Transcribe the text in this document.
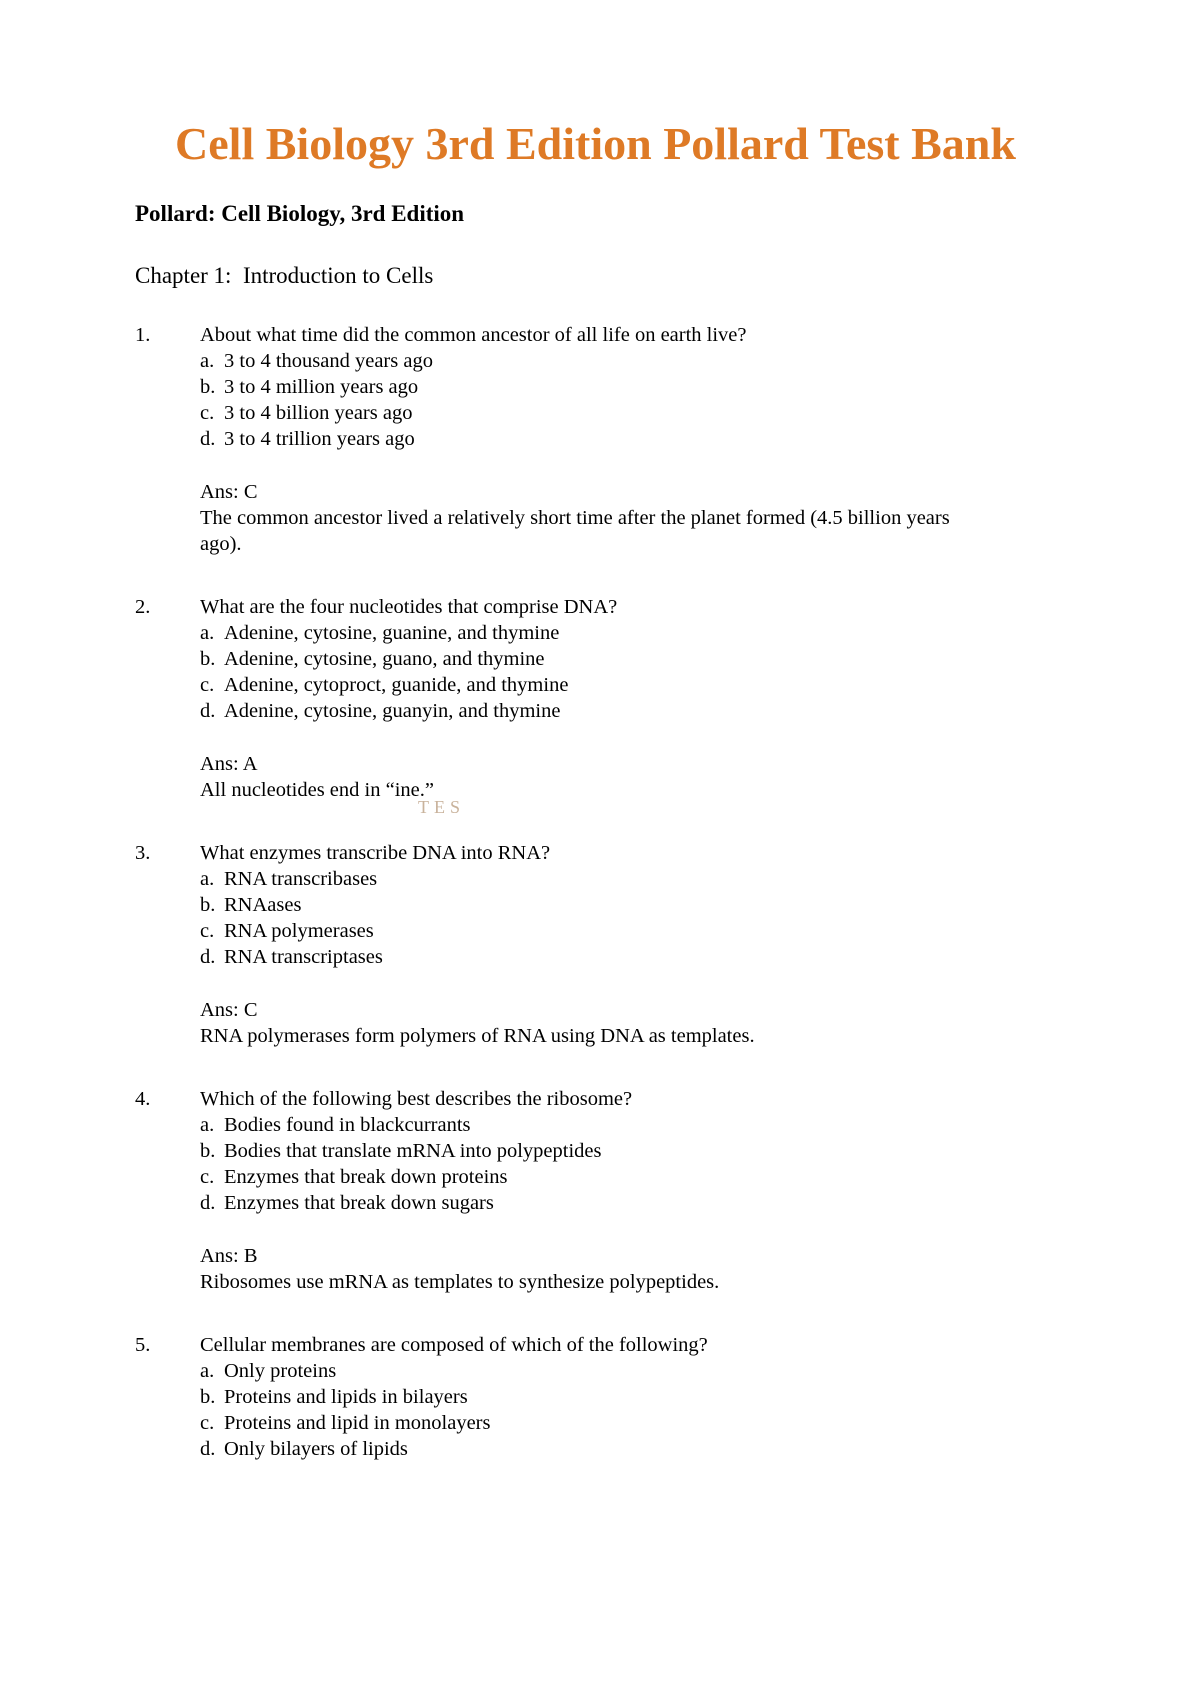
Cell Biology 3rd Edition Pollard Test Bank
Pollard: Cell Biology, 3rd Edition
Chapter 1:  Introduction to Cells
1.	About what time did the common ancestor of all life on earth live?
a. 3 to 4 thousand years ago
b. 3 to 4 million years ago
c. 3 to 4 billion years ago
d. 3 to 4 trillion years ago
Ans: C
The common ancestor lived a relatively short time after the planet formed (4.5 billion years ago).
2.	What are the four nucleotides that comprise DNA?
a. Adenine, cytosine, guanine, and thymine
b. Adenine, cytosine, guano, and thymine
c. Adenine, cytoproct, guanide, and thymine
d. Adenine, cytosine, guanyin, and thymine
Ans: A
All nucleotides end in “ine.”
3.	What enzymes transcribe DNA into RNA?
a. RNA transcribases
b. RNAases
c. RNA polymerases
d. RNA transcriptases
Ans: C
RNA polymerases form polymers of RNA using DNA as templates.
4.	Which of the following best describes the ribosome?
a. Bodies found in blackcurrants
b. Bodies that translate mRNA into polypeptides
c. Enzymes that break down proteins
d. Enzymes that break down sugars
Ans: B
Ribosomes use mRNA as templates to synthesize polypeptides.
5.	Cellular membranes are composed of which of the following?
a. Only proteins
b. Proteins and lipids in bilayers
c. Proteins and lipid in monolayers
d. Only bilayers of lipids
TES
